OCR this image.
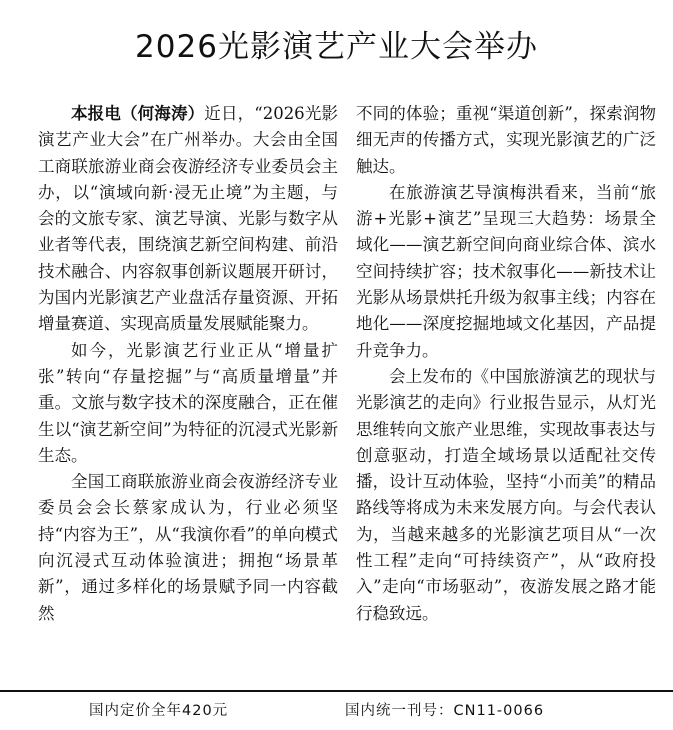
2026光影演艺产业大会举办

本报电（何海涛）近日，“2026光影演艺产业大会”在广州举办。大会由全国工商联旅游业商会夜游经济专业委员会主办，以“演域向新·浸无止境”为主题，与会的文旅专家、演艺导演、光影与数字从业者等代表，围绕演艺新空间构建、前沿技术融合、内容叙事创新议题展开研讨，为国内光影演艺产业盘活存量资源、开拓增量赛道、实现高质量发展赋能聚力。

如今，光影演艺行业正从“增量扩张”转向“存量挖掘”与“高质量增量”并重。文旅与数字技术的深度融合，正在催生以“演艺新空间”为特征的沉浸式光影新生态。

全国工商联旅游业商会夜游经济专业委员会会长蔡家成认为，行业必须坚持“内容为王”，从“我演你看”的单向模式向沉浸式互动体验演进；拥抱“场景革新”，通过多样化的场景赋予同一内容截然

不同的体验；重视“渠道创新”，探索润物细无声的传播方式，实现光影演艺的广泛触达。

在旅游演艺导演梅洪看来，当前“旅游+光影+演艺”呈现三大趋势：场景全域化——演艺新空间向商业综合体、滨水空间持续扩容；技术叙事化——新技术让光影从场景烘托升级为叙事主线；内容在地化——深度挖掘地域文化基因，产品提升竞争力。

会上发布的《中国旅游演艺的现状与光影演艺的走向》行业报告显示，从灯光思维转向文旅产业思维，实现故事表达与创意驱动，打造全域场景以适配社交传播，设计互动体验，坚持“小而美”的精品路线等将成为未来发展方向。与会代表认为，当越来越多的光影演艺项目从“一次性工程”走向“可持续资产”，从“政府投入”走向“市场驱动”，夜游发展之路才能行稳致远。

国内定价全年420元	国内统一刊号：CN11-0066
